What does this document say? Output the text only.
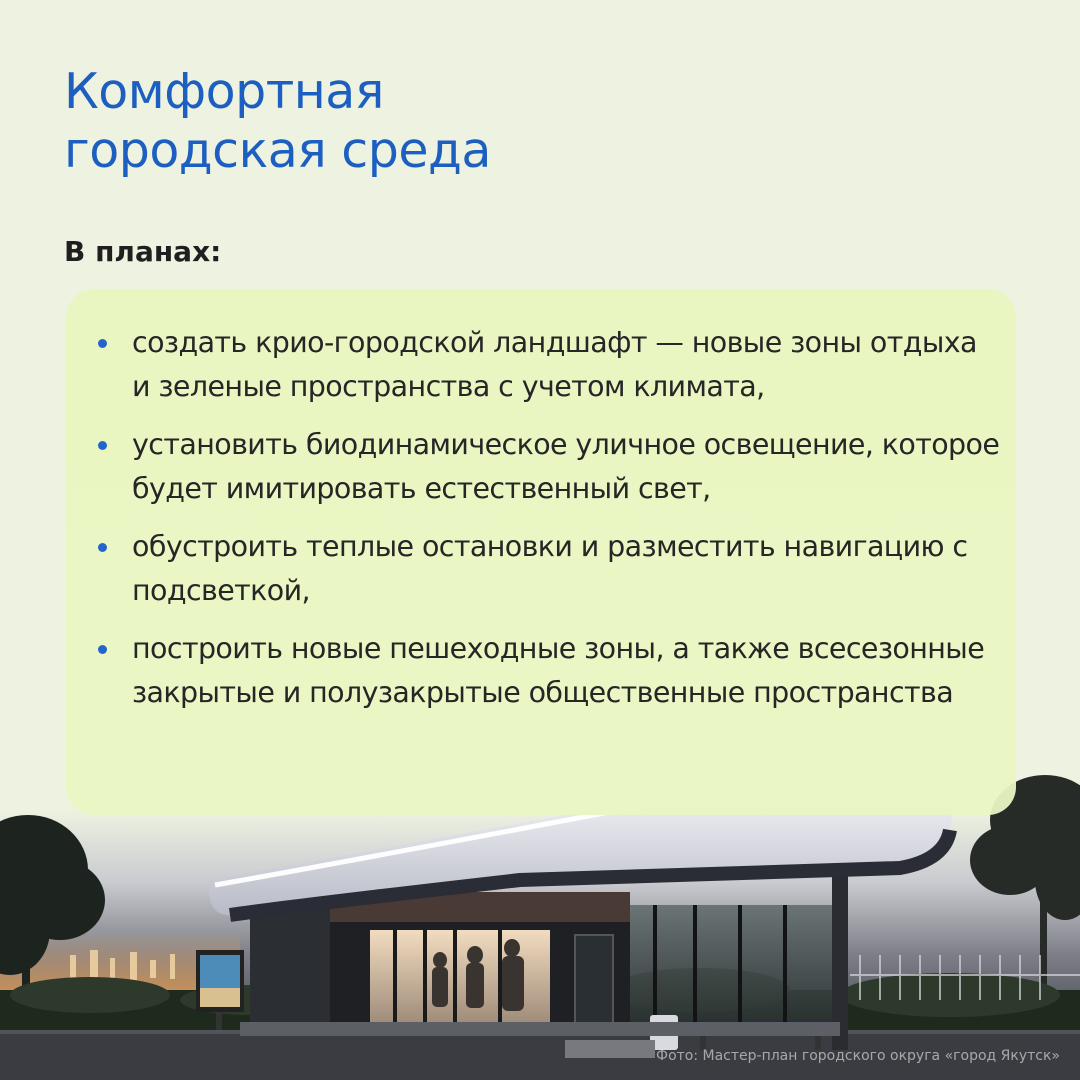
Комфортная
городская среда
В планах:
создать крио-городской ландшафт — новые зоны отдыха и зеленые пространства с учетом климата,
установить биодинамическое уличное освещение, которое будет имитировать естественный свет,
обустроить теплые остановки и разместить навигацию с подсветкой,
построить новые пешеходные зоны, а также всесезонные закрытые и полузакрытые общественные пространства
Фото: Мастер-план городского округа «город Якутск»
